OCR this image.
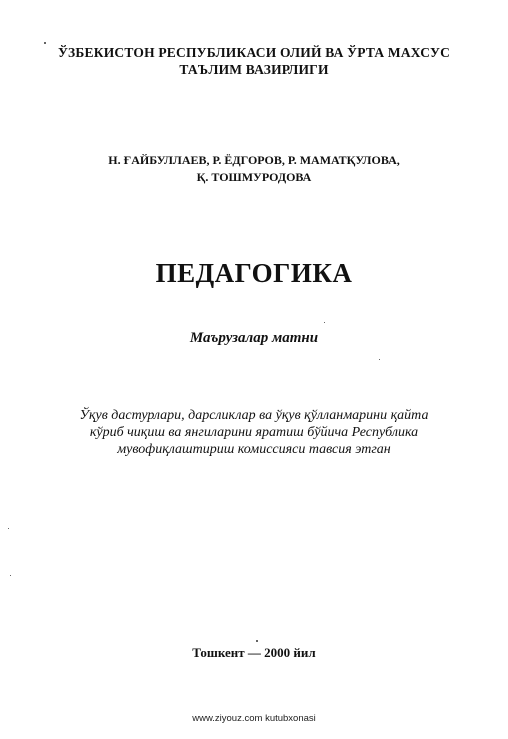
ЎЗБЕКИСТОН РЕСПУБЛИКАСИ ОЛИЙ ВА ЎРТА МАХСУС
ТАЪЛИМ ВАЗИРЛИГИ
Н. ҒАЙБУЛЛАЕВ, Р. ЁДГОРОВ, Р. МАМАТҚУЛОВА,
Қ. ТОШМУРОДОВА
ПЕДАГОГИКА
Маърузалар матни
Ўқув дастурлари, дарсликлар ва ўқув қўлланмарини қайта
кўриб чиқиш ва янгиларини яратиш бўйича Республика
мувофиқлаштириш комиссияси тавсия этган
Тошкент — 2000 йил
www.ziyouz.com kutubxonasi
